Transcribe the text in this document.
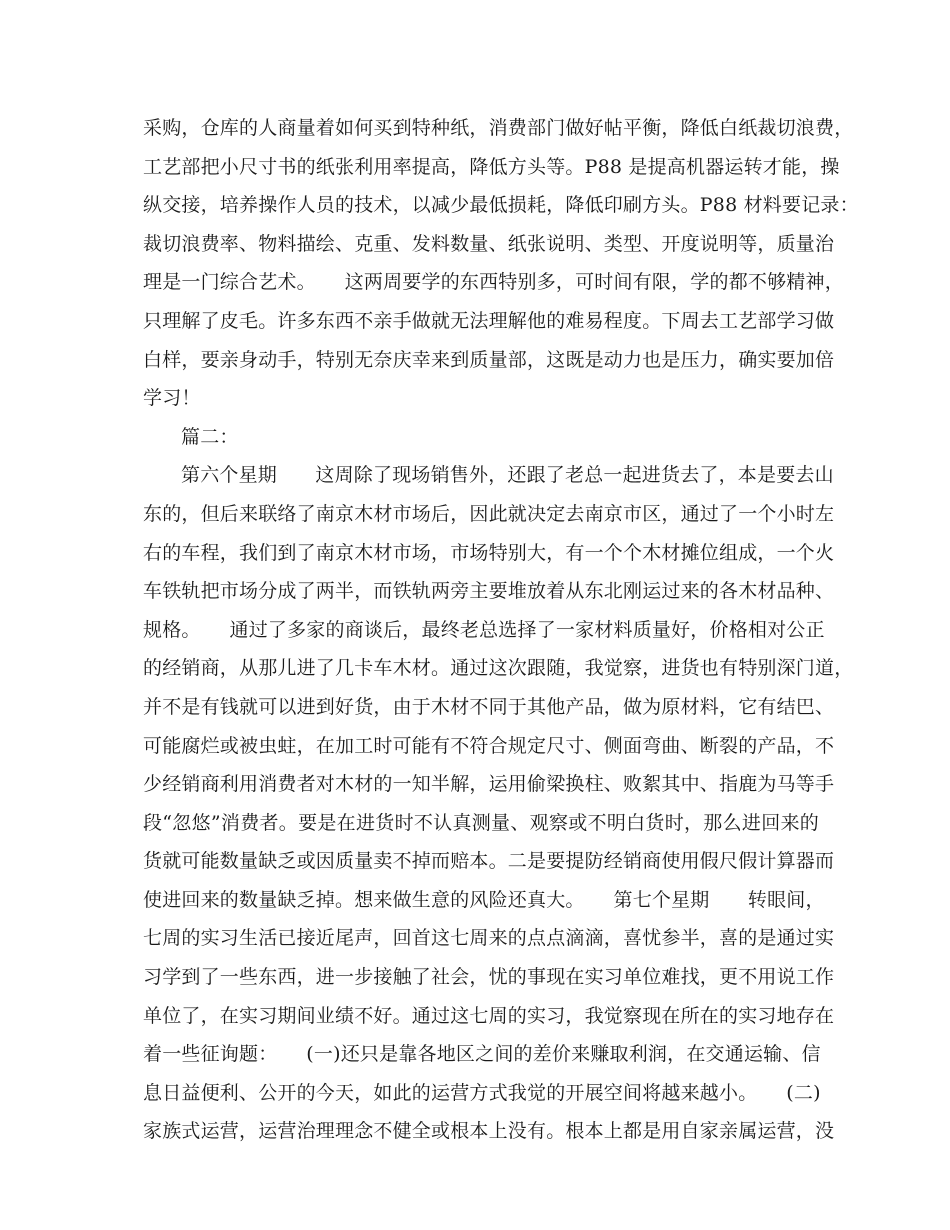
采购，仓库的人商量着如何买到特种纸，消费部门做好帖平衡，降低白纸裁切浪费，
工艺部把小尺寸书的纸张利用率提高，降低方头等。P88 是提高机器运转才能，操
纵交接，培养操作人员的技术，以减少最低损耗，降低印刷方头。P88 材料要记录：
裁切浪费率、物料描绘、克重、发料数量、纸张说明、类型、开度说明等，质量治
理是一门综合艺术。　　这两周要学的东西特别多，可时间有限，学的都不够精神，
只理解了皮毛。许多东西不亲手做就无法理解他的难易程度。下周去工艺部学习做
白样，要亲身动手，特别无奈庆幸来到质量部，这既是动力也是压力，确实要加倍
学习！
篇二：
第六个星期　　这周除了现场销售外，还跟了老总一起进货去了，本是要去山
东的，但后来联络了南京木材市场后，因此就决定去南京市区，通过了一个小时左
右的车程，我们到了南京木材市场，市场特别大，有一个个木材摊位组成，一个火
车铁轨把市场分成了两半，而铁轨两旁主要堆放着从东北刚运过来的各木材品种、
规格。　　通过了多家的商谈后，最终老总选择了一家材料质量好，价格相对公正
的经销商，从那儿进了几卡车木材。通过这次跟随，我觉察，进货也有特别深门道，
并不是有钱就可以进到好货，由于木材不同于其他产品，做为原材料，它有结巴、
可能腐烂或被虫蛀，在加工时可能有不符合规定尺寸、侧面弯曲、断裂的产品，不
少经销商利用消费者对木材的一知半解，运用偷梁换柱、败絮其中、指鹿为马等手
段“忽悠”消费者。要是在进货时不认真测量、观察或不明白货时，那么进回来的
货就可能数量缺乏或因质量卖不掉而赔本。二是要提防经销商使用假尺假计算器而
使进回来的数量缺乏掉。想来做生意的风险还真大。　　第七个星期　　转眼间，
七周的实习生活已接近尾声，回首这七周来的点点滴滴，喜忧参半，喜的是通过实
习学到了一些东西，进一步接触了社会，忧的事现在实习单位难找，更不用说工作
单位了，在实习期间业绩不好。通过这七周的实习，我觉察现在所在的实习地存在
着一些征询题：　　(一)还只是靠各地区之间的差价来赚取利润，在交通运输、信
息日益便利、公开的今天，如此的运营方式我觉的开展空间将越来越小。　　(二)
家族式运营，运营治理理念不健全或根本上没有。根本上都是用自家亲属运营，没
